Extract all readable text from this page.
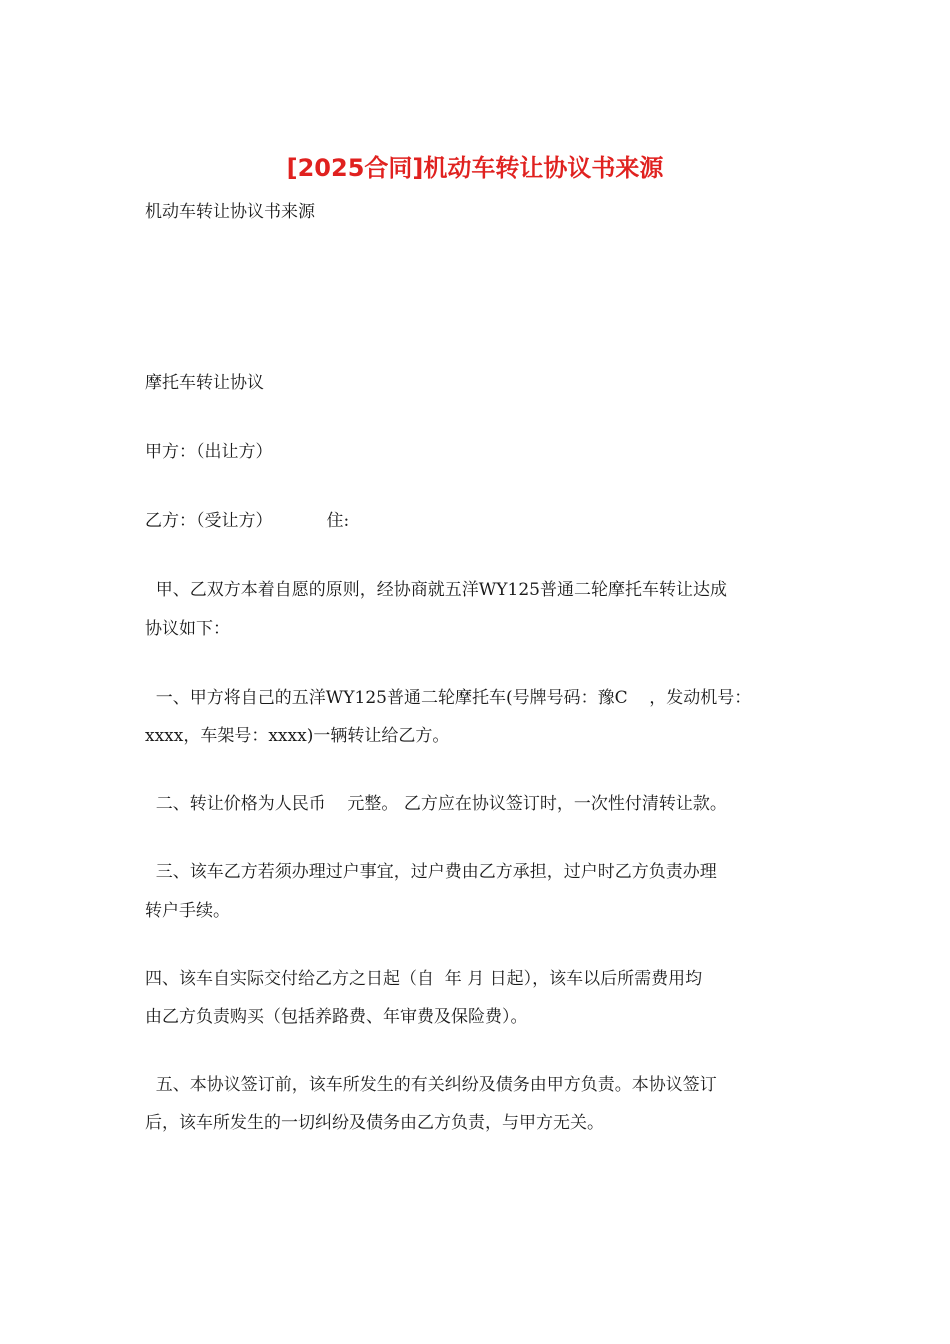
[2025合同]机动车转让协议书来源

机动车转让协议书来源

摩托车转让协议

甲方：（出让方）

乙方：（受让方）          住:

甲、乙双方本着自愿的原则，经协商就五洋WY125普通二轮摩托车转让达成

协议如下：

一、甲方将自己的五洋WY125普通二轮摩托车(号牌号码：豫C    ，发动机号：

xxxx，车架号：xxxx)一辆转让给乙方。

二、转让价格为人民币    元整。 乙方应在协议签订时，一次性付清转让款。

三、该车乙方若须办理过户事宜，过户费由乙方承担，过户时乙方负责办理

转户手续。

四、该车自实际交付给乙方之日起（自  年 月 日起），该车以后所需费用均

由乙方负责购买（包括养路费、年审费及保险费）。

五、本协议签订前，该车所发生的有关纠纷及债务由甲方负责。本协议签订

后，该车所发生的一切纠纷及债务由乙方负责，与甲方无关。
